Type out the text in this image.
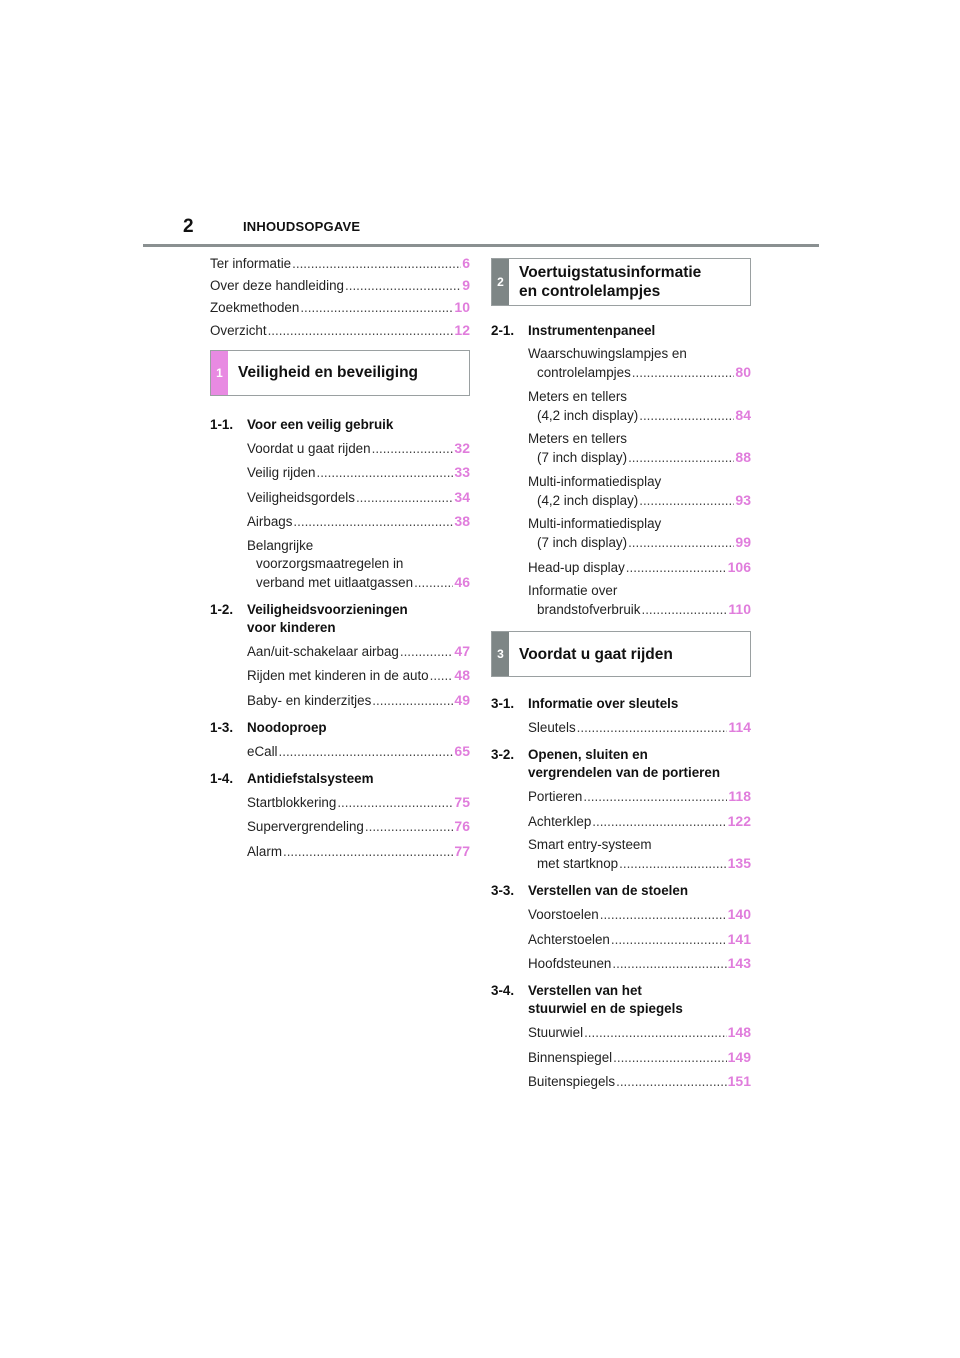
2	INHOUDSOPGAVE
Ter informatie .....	6
Over deze handleiding .....	9
Zoekmethoden .....	10
Overzicht .....	12
1 Veiligheid en beveiliging
1-1.	Voor een veilig gebruik
Voordat u gaat rijden .....	32
Veilig rijden .....	33
Veiligheidsgordels .....	34
Airbags .....	38
Belangrijke
voorzorgsmaatregelen in
verband met uitlaatgassen .....	46
1-2.	Veiligheidsvoorzieningen
voor kinderen
Aan/uit-schakelaar airbag .....	47
Rijden met kinderen in de auto ..... 48
Baby- en kinderzitjes .....	49
1-3.	Noodoproep
eCall .....	65
1-4.	Antidiefstalsysteem
Startblokkering .....	75
Supervergrendeling .....	76
Alarm .....	77
2
Voertuigstatusinformatie
en controlelampjes
2-1.	Instrumentenpaneel
Waarschuwingslampjes en
controlelampjes .....	80
Meters en tellers
(4,2 inch display) .....	84
Meters en tellers
(7 inch display) .....	88
Multi-informatiedisplay
(4,2 inch display) .....	93
Multi-informatiedisplay
(7 inch display) .....	99
Head-up display .....	106
Informatie over
brandstofverbruik .....	110
3 Voordat u gaat rijden
3-1.	Informatie over sleutels
Sleutels .....	114
3-2.	Openen, sluiten en
vergrendelen van de portieren
Portieren .....	118
Achterklep .....	122
Smart entry-systeem
met startknop .....	135
3-3.	Verstellen van de stoelen
Voorstoelen .....	140
Achterstoelen .....	141
Hoofdsteunen .....	143
3-4.	Verstellen van het
stuurwiel en de spiegels
Stuurwiel .....	148
Binnenspiegel .....	149
Buitenspiegels .....	151
